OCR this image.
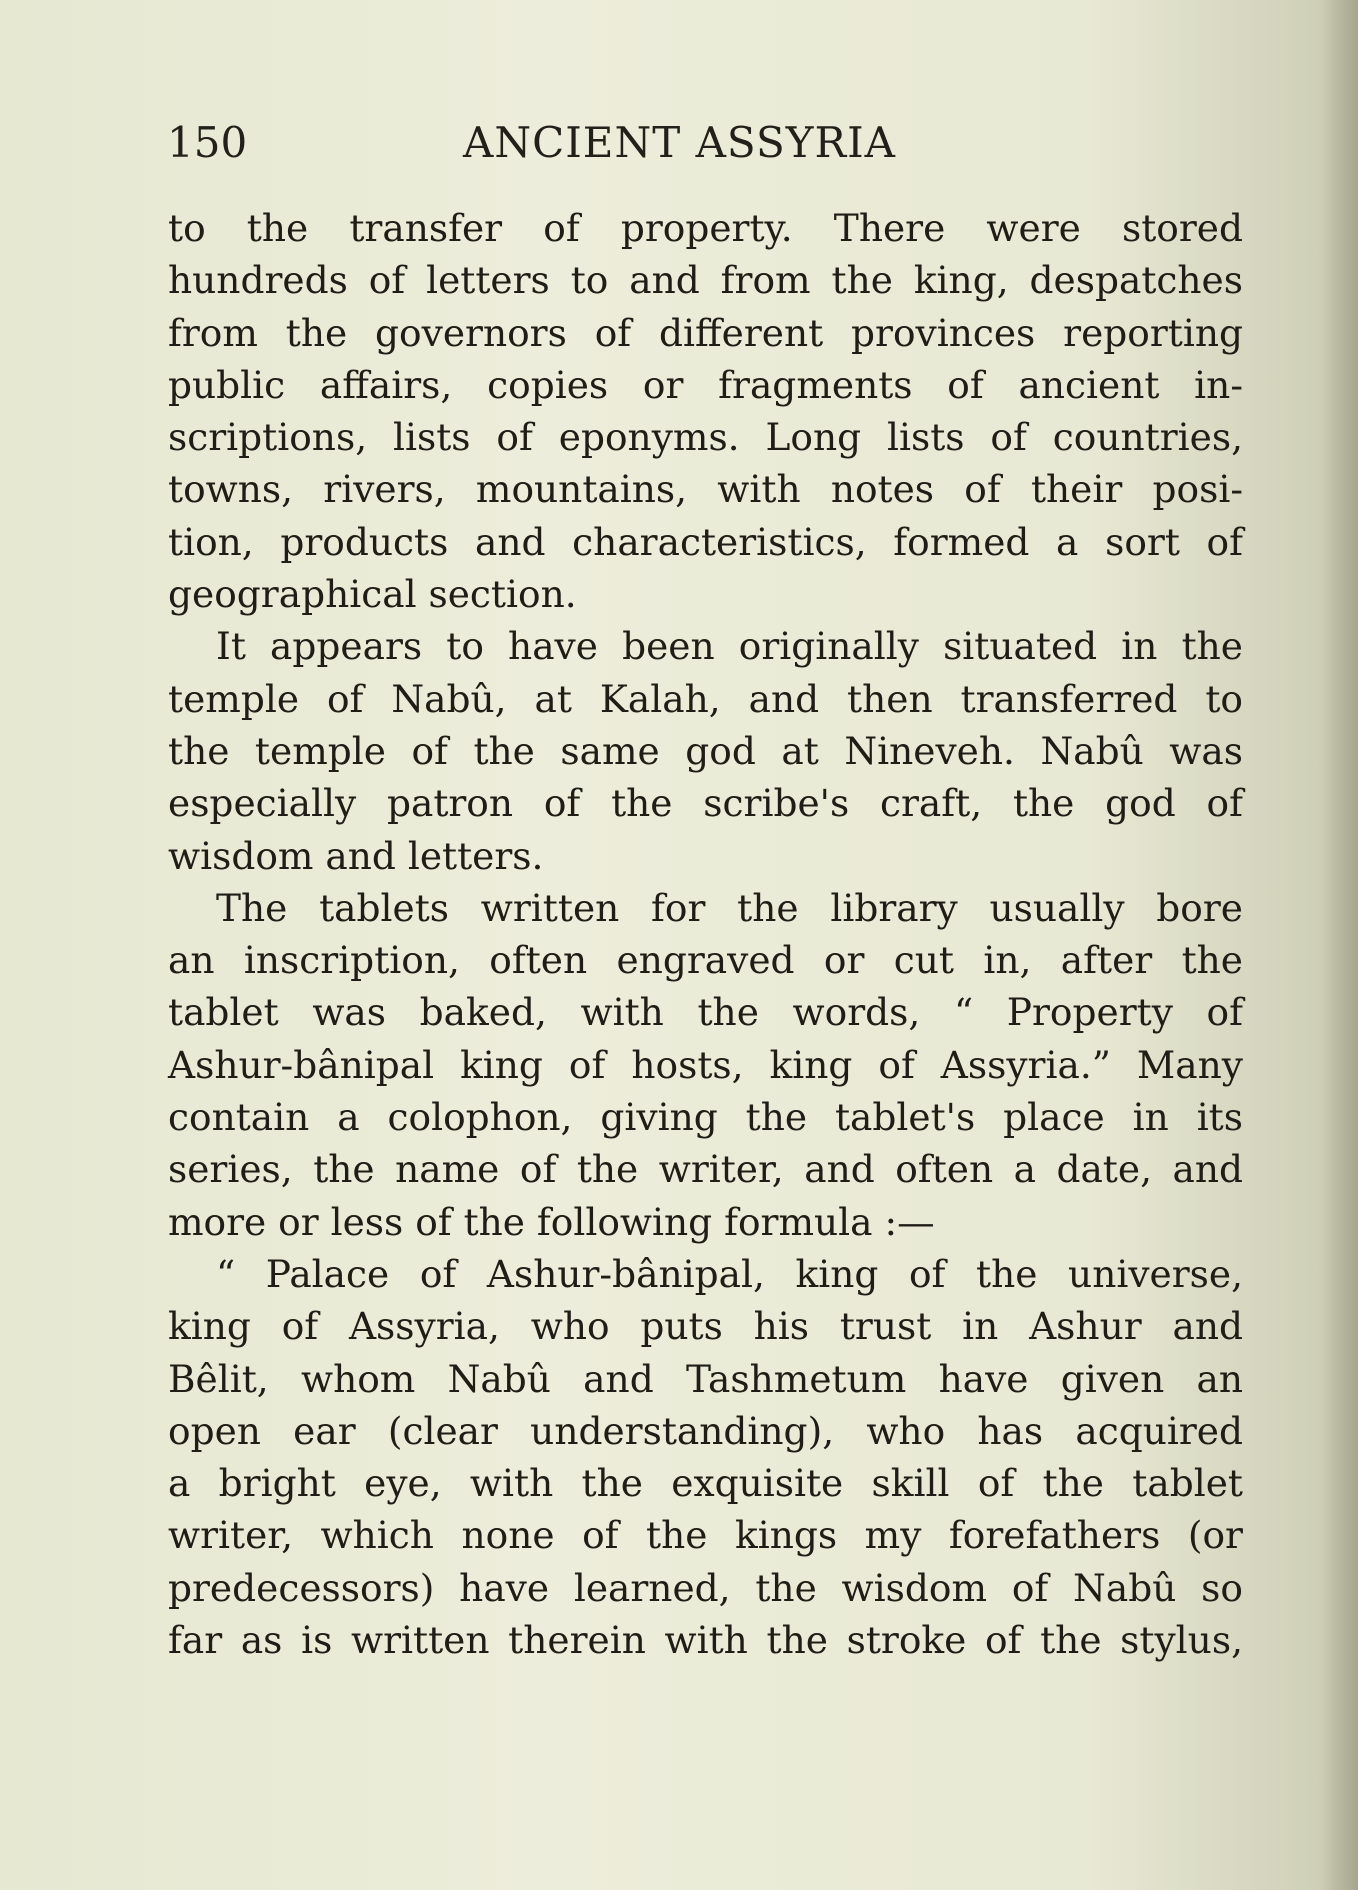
150	ANCIENT ASSYRIA
to the transfer of property. There were stored
hundreds of letters to and from the king, despatches
from the governors of different provinces reporting
public affairs, copies or fragments of ancient in-
scriptions, lists of eponyms. Long lists of countries,
towns, rivers, mountains, with notes of their posi-
tion, products and characteristics, formed a sort of
geographical section.
It appears to have been originally situated in the
temple of Nabû, at Kalah, and then transferred to
the temple of the same god at Nineveh. Nabû was
especially patron of the scribe's craft, the god of
wisdom and letters.
The tablets written for the library usually bore
an inscription, often engraved or cut in, after the
tablet was baked, with the words, “ Property of
Ashur-bânipal king of hosts, king of Assyria.” Many
contain a colophon, giving the tablet's place in its
series, the name of the writer, and often a date, and
more or less of the following formula :—
“ Palace of Ashur-bânipal, king of the universe,
king of Assyria, who puts his trust in Ashur and
Bêlit, whom Nabû and Tashmetum have given an
open ear (clear understanding), who has acquired
a bright eye, with the exquisite skill of the tablet
writer, which none of the kings my forefathers (or
predecessors) have learned, the wisdom of Nabû so
far as is written therein with the stroke of the stylus,
